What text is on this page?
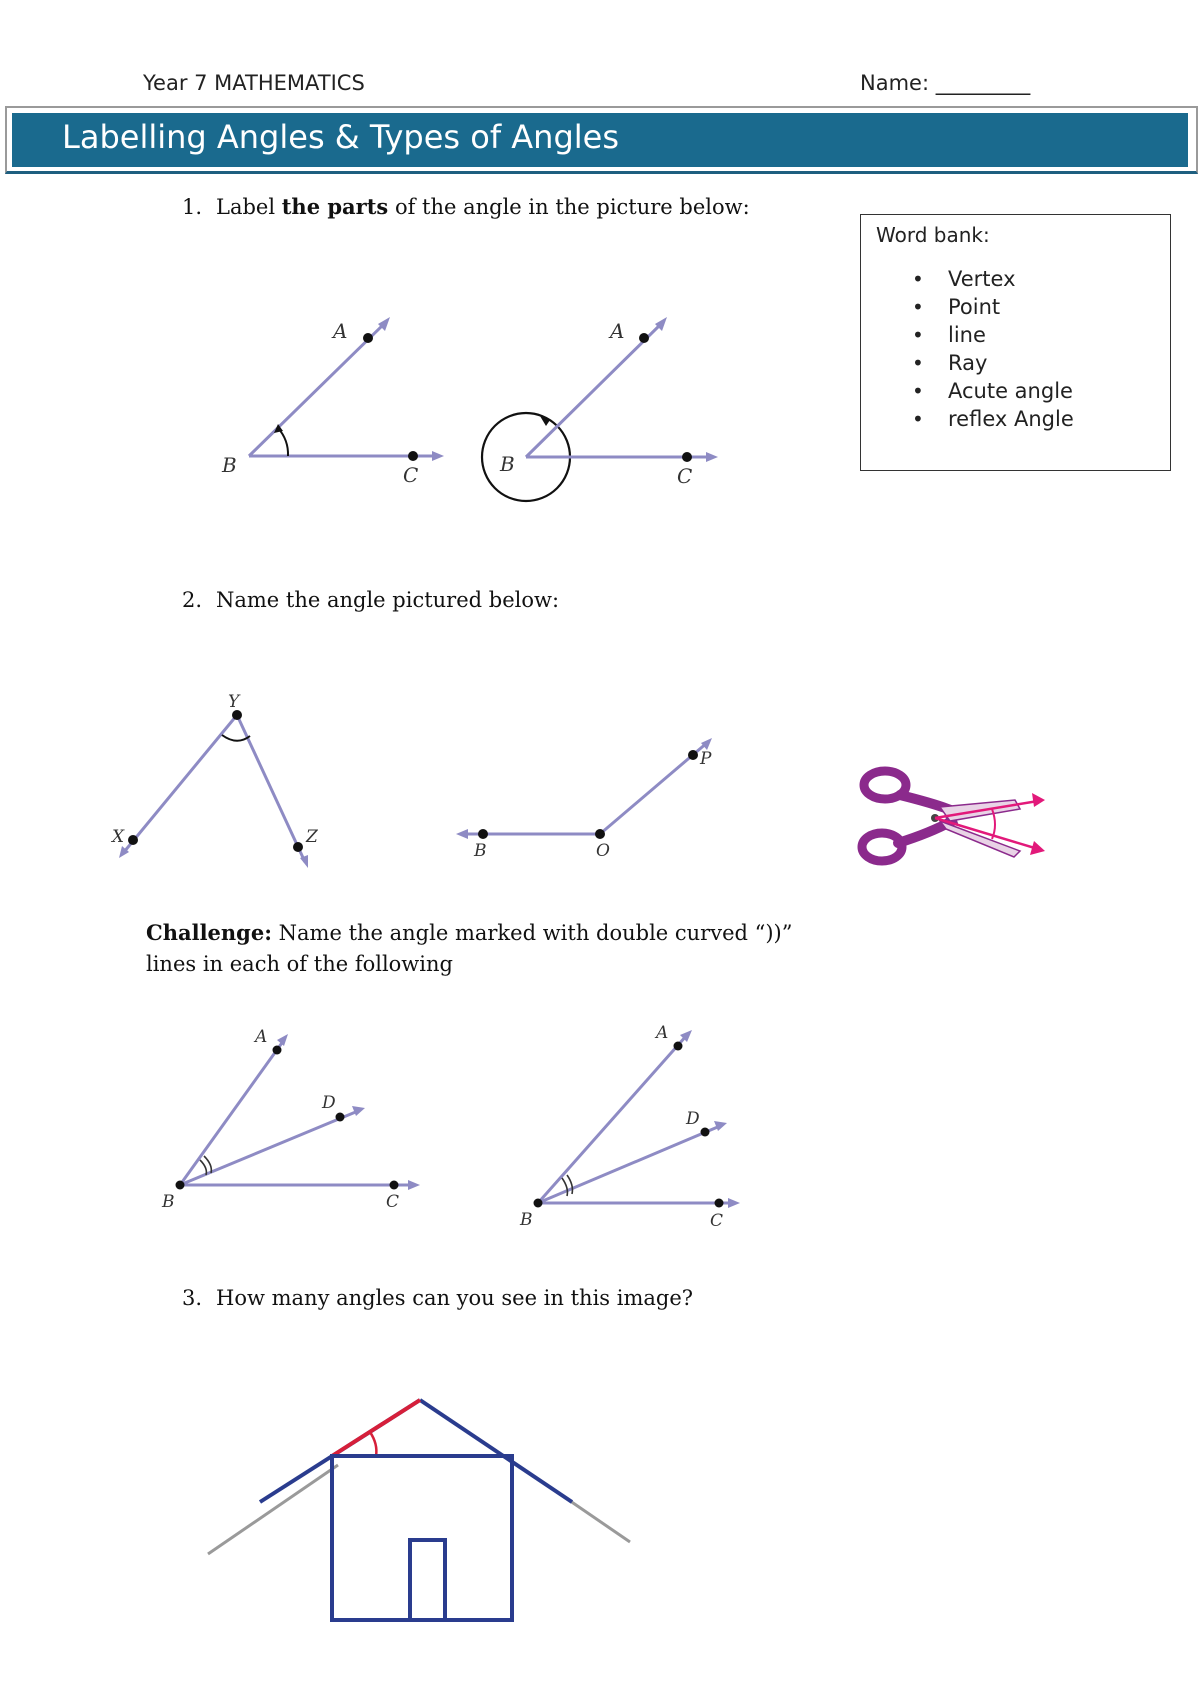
Year 7 MATHEMATICS	Name: _________
Labelling Angles & Types of Angles
1. Label the parts of the angle in the picture below:
Word bank:
• Vertex
• Point
• line
• Ray
• Acute angle
• reflex Angle
A
B	C
A
B	C
2. Name the angle pictured below:
Y
X	Z
B	O
P
Challenge: Name the angle marked with double curved “))” lines in each of the following
A
D
B	C
A
D
B	C
3. How many angles can you see in this image?
